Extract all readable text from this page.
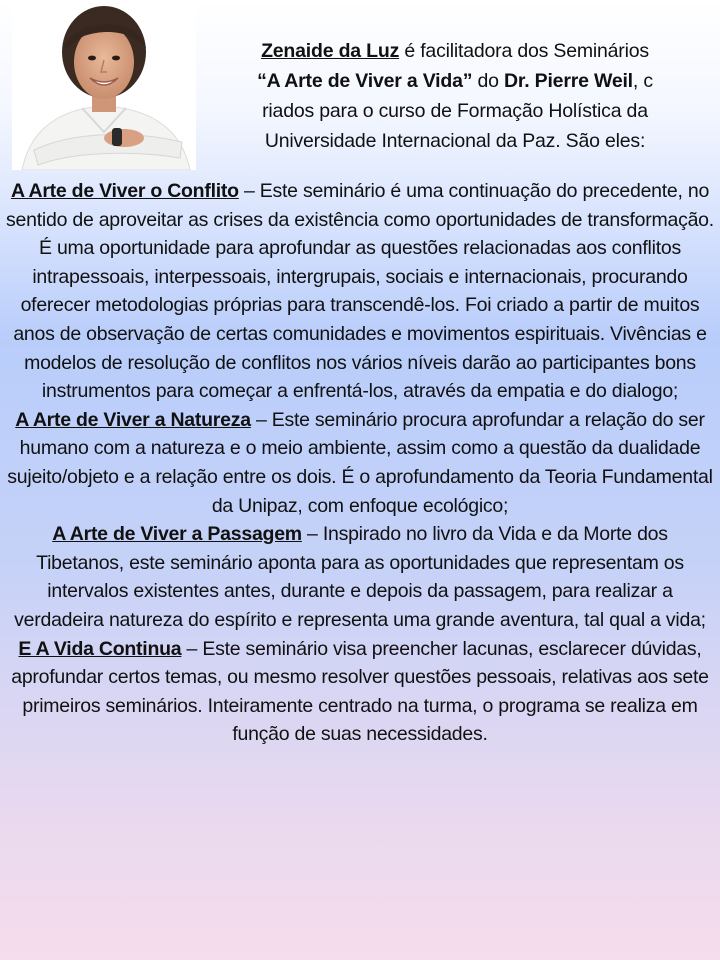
Zenaide da Luz é facilitadora dos Seminários
“A Arte de Viver a Vida” do Dr. Pierre Weil, c
riados para o curso de Formação Holística da
Universidade Internacional da Paz. São eles:

A Arte de Viver o Conflito – Este seminário é uma continuação do precedente, no sentido de aproveitar as crises da existência como oportunidades de transformação. É uma oportunidade para aprofundar as questões relacionadas aos conflitos intrapessoais, interpessoais, intergrupais, sociais e internacionais, procurando oferecer metodologias próprias para transcendê-los. Foi criado a partir de muitos anos de observação de certas comunidades e movimentos espirituais. Vivências e modelos de resolução de conflitos nos vários níveis darão ao participantes bons instrumentos para começar a enfrentá-los, através da empatia e do dialogo;

A Arte de Viver a Natureza – Este seminário procura aprofundar a relação do ser humano com a natureza e o meio ambiente, assim como a questão da dualidade sujeito/objeto e a relação entre os dois. É o aprofundamento da Teoria Fundamental da Unipaz, com enfoque ecológico;

A Arte de Viver a Passagem – Inspirado no livro da Vida e da Morte dos Tibetanos, este seminário aponta para as oportunidades que representam os intervalos existentes antes, durante e depois da passagem, para realizar a verdadeira natureza do espírito e representa uma grande aventura, tal qual a vida;

E A Vida Continua – Este seminário visa preencher lacunas, esclarecer dúvidas, aprofundar certos temas, ou mesmo resolver questões pessoais, relativas aos sete primeiros seminários. Inteiramente centrado na turma, o programa se realiza em função de suas necessidades.
